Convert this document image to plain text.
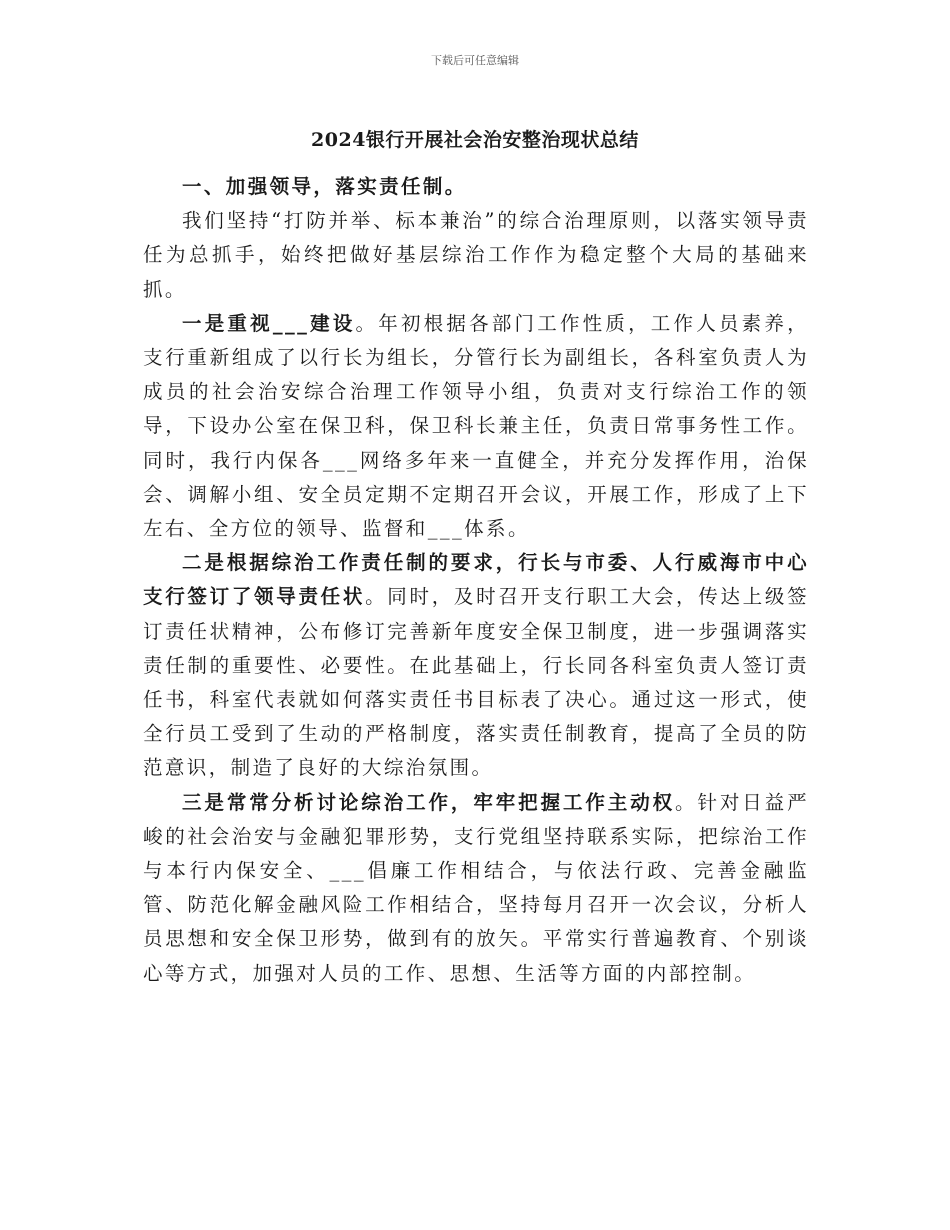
下载后可任意编辑
2024银行开展社会治安整治现状总结

一、加强领导，落实责任制。

我们坚持“打防并举、标本兼治”的综合治理原则，以落实领导责任为总抓手，始终把做好基层综治工作作为稳定整个大局的基础来抓。

一是重视___建设。年初根据各部门工作性质，工作人员素养，支行重新组成了以行长为组长，分管行长为副组长，各科室负责人为成员的社会治安综合治理工作领导小组，负责对支行综治工作的领导，下设办公室在保卫科，保卫科长兼主任，负责日常事务性工作。同时，我行内保各___网络多年来一直健全，并充分发挥作用，治保会、调解小组、安全员定期不定期召开会议，开展工作，形成了上下左右、全方位的领导、监督和___体系。

二是根据综治工作责任制的要求，行长与市委、人行威海市中心支行签订了领导责任状。同时，及时召开支行职工大会，传达上级签订责任状精神，公布修订完善新年度安全保卫制度，进一步强调落实责任制的重要性、必要性。在此基础上，行长同各科室负责人签订责任书，科室代表就如何落实责任书目标表了决心。通过这一形式，使全行员工受到了生动的严格制度，落实责任制教育，提高了全员的防范意识，制造了良好的大综治氛围。

三是常常分析讨论综治工作，牢牢把握工作主动权。针对日益严峻的社会治安与金融犯罪形势，支行党组坚持联系实际，把综治工作与本行内保安全、___倡廉工作相结合，与依法行政、完善金融监管、防范化解金融风险工作相结合，坚持每月召开一次会议，分析人员思想和安全保卫形势，做到有的放矢。平常实行普遍教育、个别谈心等方式，加强对人员的工作、思想、生活等方面的内部控制。
